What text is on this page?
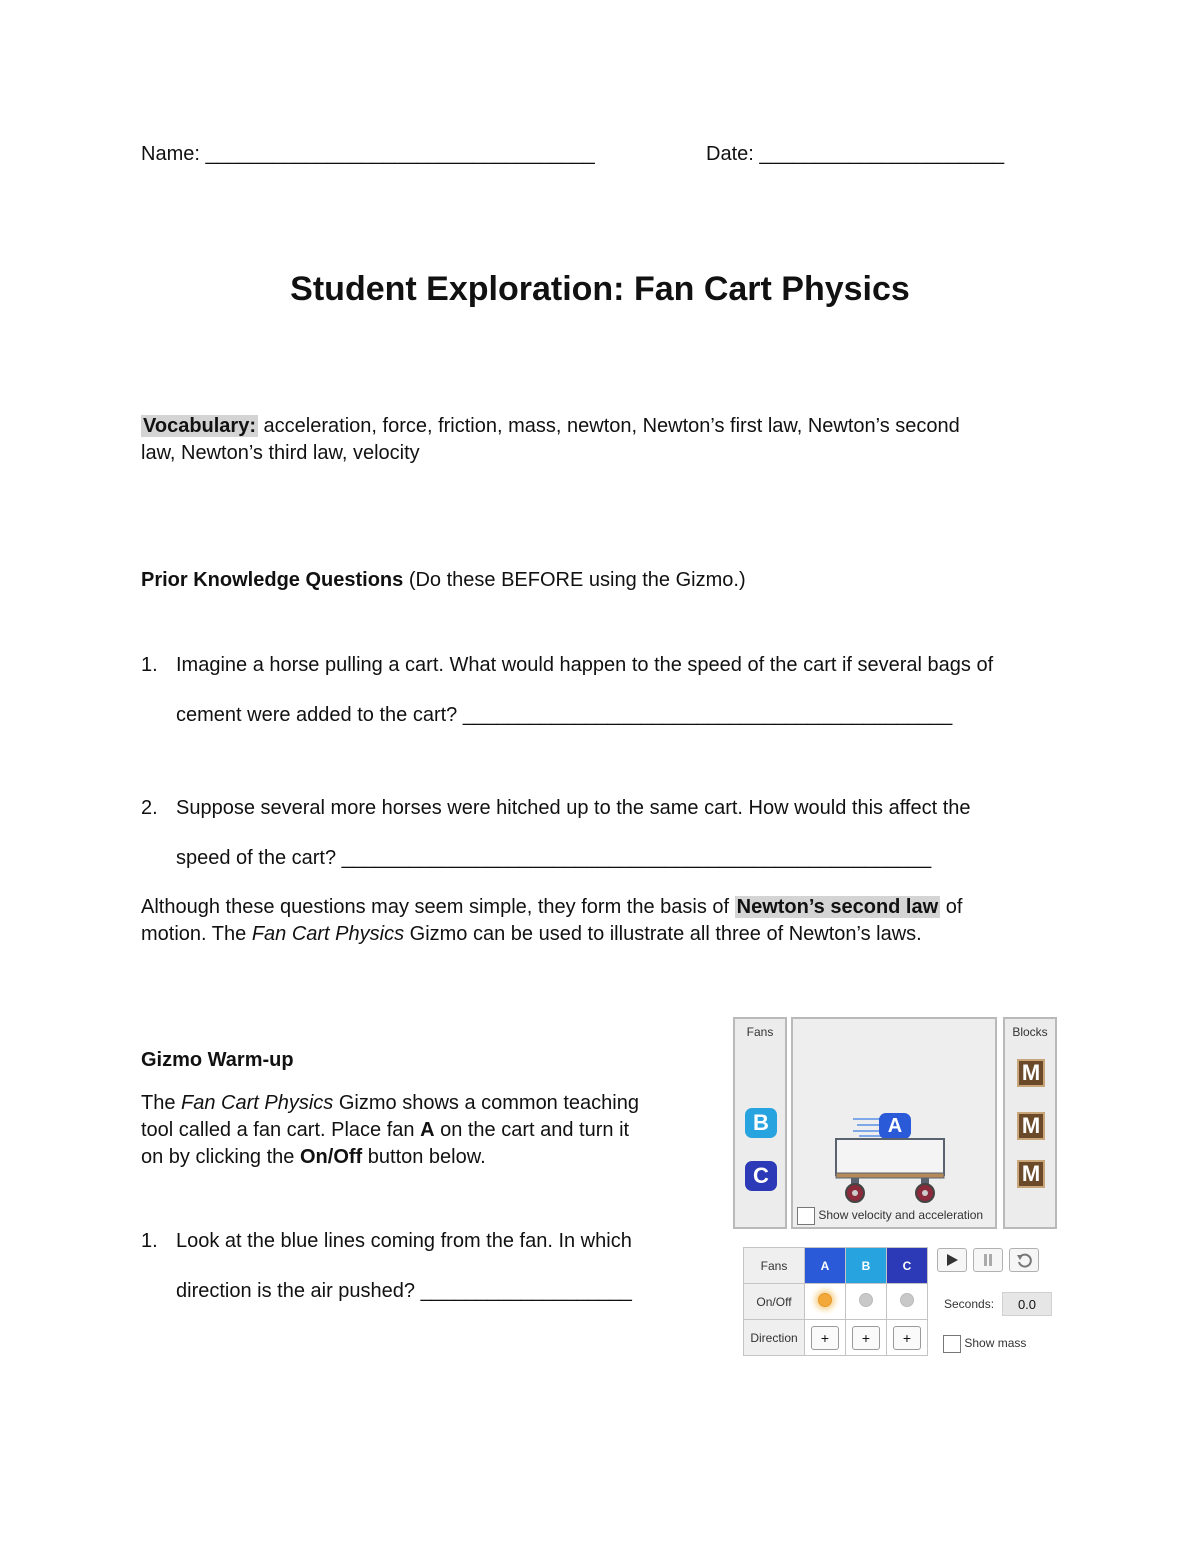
Name: ___________________________________	Date: ______________________
Student Exploration: Fan Cart Physics
Vocabulary: acceleration, force, friction, mass, newton, Newton’s first law, Newton’s second
law, Newton’s third law, velocity
Prior Knowledge Questions (Do these BEFORE using the Gizmo.)
1. Imagine a horse pulling a cart. What would happen to the speed of the cart if several bags of
cement were added to the cart? ____________________________________________
2. Suppose several more horses were hitched up to the same cart. How would this affect the
speed of the cart? _____________________________________________________
Although these questions may seem simple, they form the basis of Newton’s second law of
motion. The Fan Cart Physics Gizmo can be used to illustrate all three of Newton’s laws.
Gizmo Warm-up
The Fan Cart Physics Gizmo shows a common teaching
tool called a fan cart. Place fan A on the cart and turn it
on by clicking the On/Off button below.
1. Look at the blue lines coming from the fan. In which
direction is the air pushed? ___________________
Fans
B
C
A
Show velocity and acceleration
Blocks
M
M
M
Fans	A	B	C
On/Off			
Direction	+	+	+
Seconds:	0.0
Show mass
